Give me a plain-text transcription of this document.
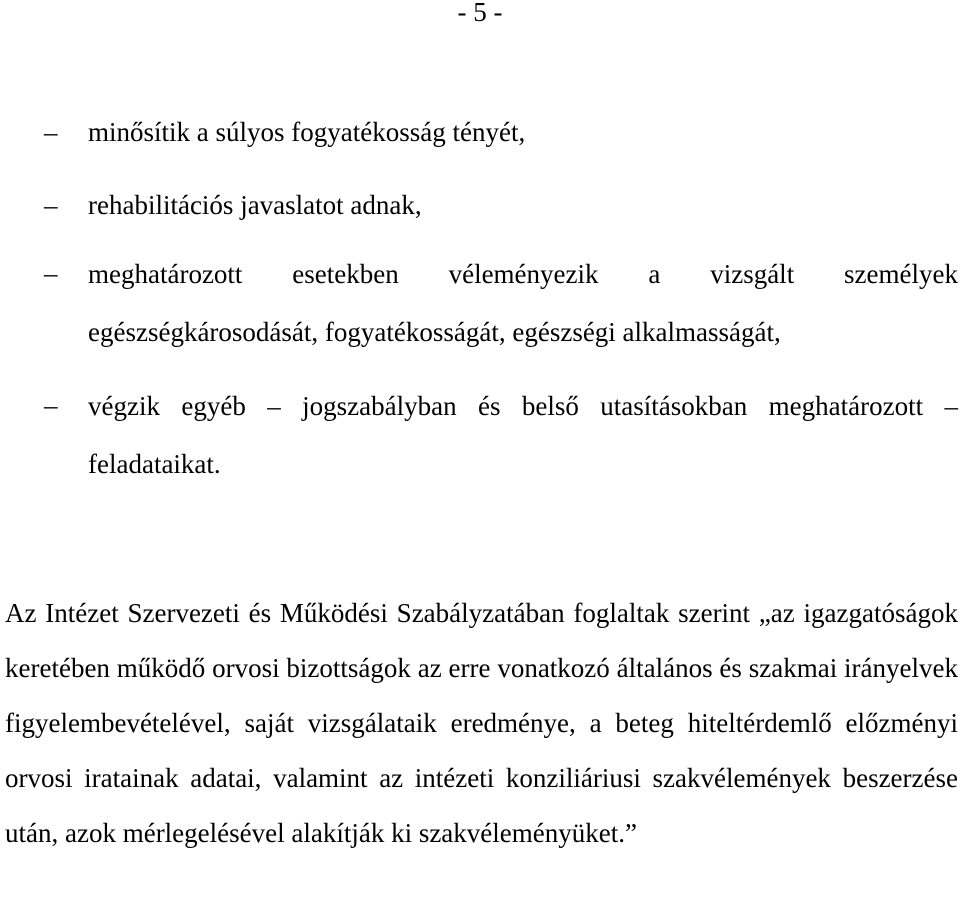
- 5 -
– minősítik a súlyos fogyatékosság tényét,
– rehabilitációs javaslatot adnak,
– meghatározott esetekben véleményezik a vizsgált személyek egészségkárosodását, fogyatékosságát, egészségi alkalmasságát,
– végzik egyéb – jogszabályban és belső utasításokban meghatározott – feladataikat.

Az Intézet Szervezeti és Működési Szabályzatában foglaltak szerint „az igazgatóságok keretében működő orvosi bizottságok az erre vonatkozó általános és szakmai irányelvek figyelembevételével, saját vizsgálataik eredménye, a beteg hiteltérdemlő előzményi orvosi iratainak adatai, valamint az intézeti konziliáriusi szakvélemények beszerzése után, azok mérlegelésével alakítják ki szakvéleményüket.”
